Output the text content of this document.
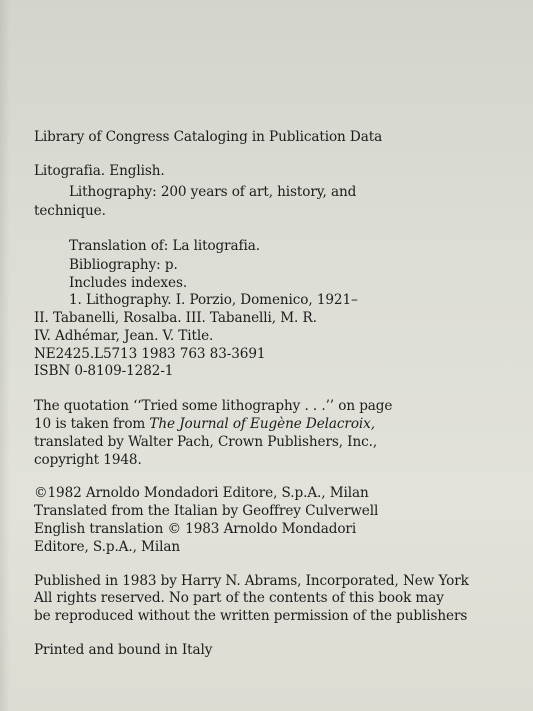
Library of Congress Cataloging in Publication Data
Litografia. English.
Lithography: 200 years of art, history, and
technique.
Translation of: La litografia.
Bibliography: p.
Includes indexes.
1. Lithography. I. Porzio, Domenico, 1921–
II. Tabanelli, Rosalba. III. Tabanelli, M. R.
IV. Adhémar, Jean. V. Title.
NE2425.L5713 1983 763 83-3691
ISBN 0-8109-1282-1
The quotation ‘‘Tried some lithography . . .’’ on page
10 is taken from The Journal of Eugène Delacroix,
translated by Walter Pach, Crown Publishers, Inc.,
copyright 1948.
©1982 Arnoldo Mondadori Editore, S.p.A., Milan
Translated from the Italian by Geoffrey Culverwell
English translation © 1983 Arnoldo Mondadori
Editore, S.p.A., Milan
Published in 1983 by Harry N. Abrams, Incorporated, New York
All rights reserved. No part of the contents of this book may
be reproduced without the written permission of the publishers
Printed and bound in Italy
